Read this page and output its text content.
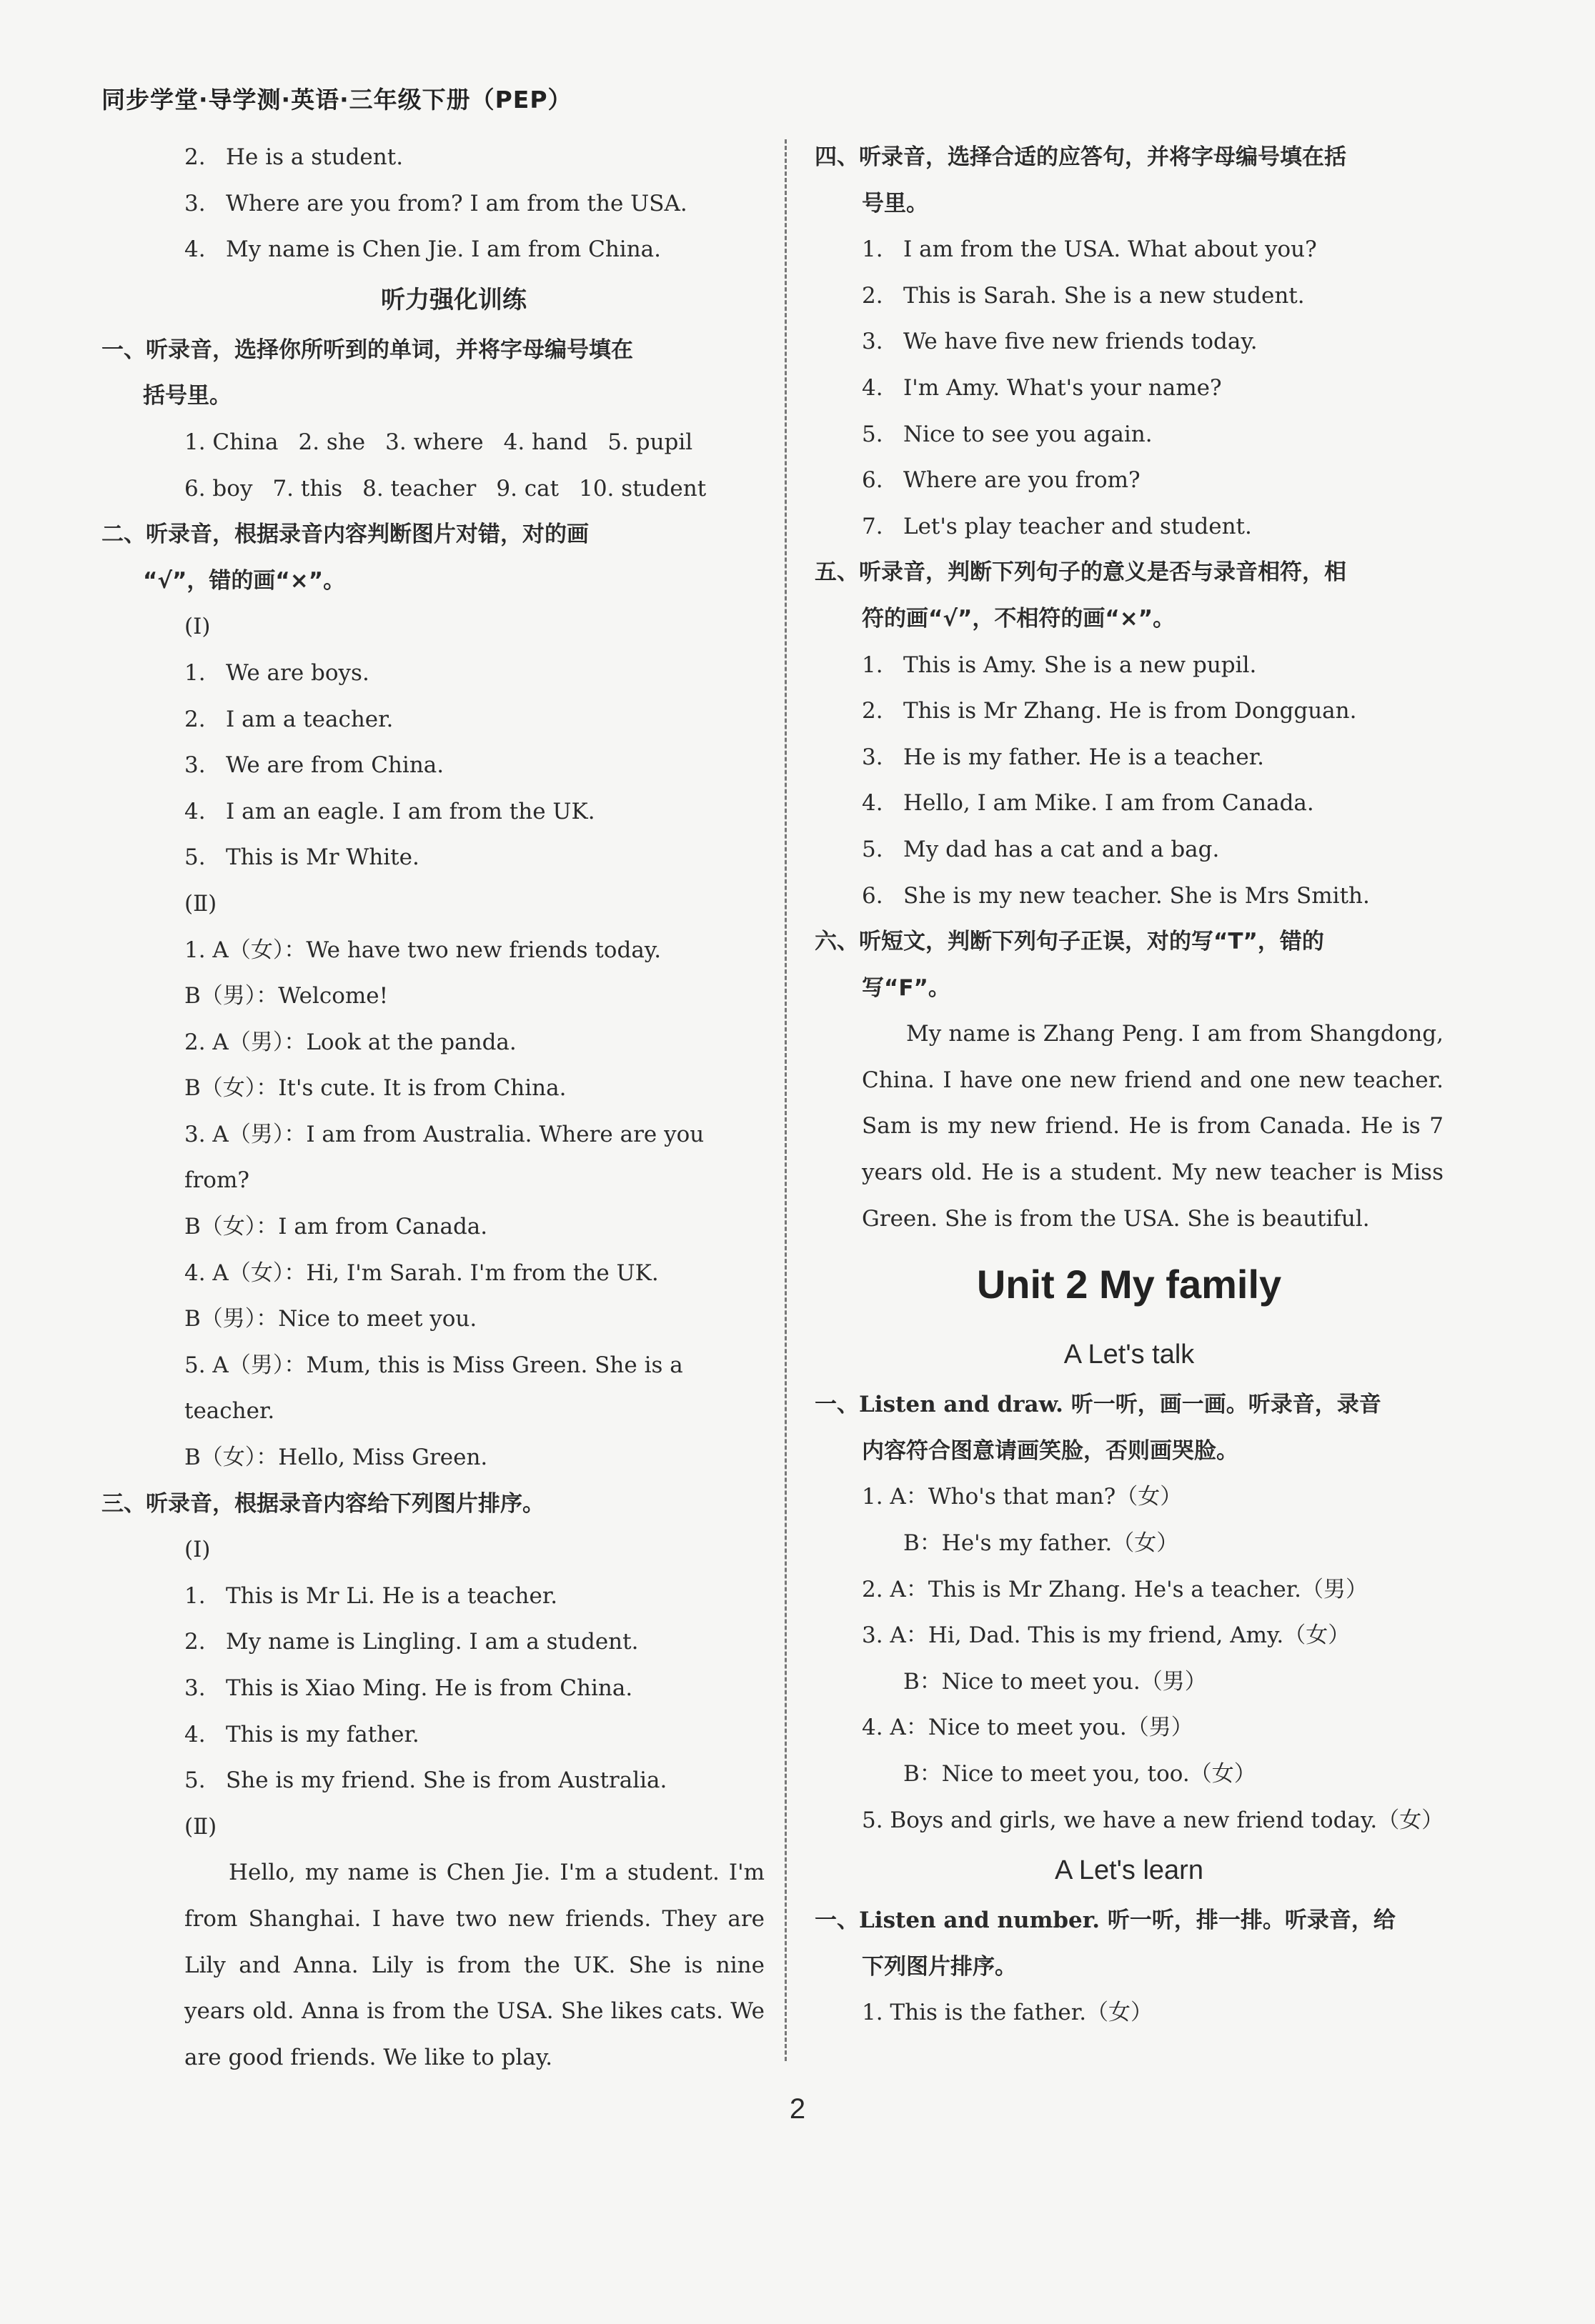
同步学堂·导学测·英语·三年级下册（PEP）
2. He is a student.
3. Where are you from? I am from the USA.
4. My name is Chen Jie. I am from China.
听力强化训练
一、听录音，选择你所听到的单词，并将字母编号填在
括号里。
1. China 2. she 3. where 4. hand 5. pupil
6. boy 7. this 8. teacher 9. cat 10. student
二、听录音，根据录音内容判断图片对错，对的画
“√”，错的画“×”。
(Ⅰ)
1. We are boys.
2. I am a teacher.
3. We are from China.
4. I am an eagle. I am from the UK.
5. This is Mr White.
(Ⅱ)
1. A（女）：We have two new friends today.
B（男）：Welcome!
2. A（男）：Look at the panda.
B（女）：It's cute. It is from China.
3. A（男）：I am from Australia. Where are you
from?
B（女）：I am from Canada.
4. A（女）：Hi, I'm Sarah. I'm from the UK.
B（男）：Nice to meet you.
5. A（男）：Mum, this is Miss Green. She is a
teacher.
B（女）：Hello, Miss Green.
三、听录音，根据录音内容给下列图片排序。
(Ⅰ)
1. This is Mr Li. He is a teacher.
2. My name is Lingling. I am a student.
3. This is Xiao Ming. He is from China.
4. This is my father.
5. She is my friend. She is from Australia.
(Ⅱ)
Hello, my name is Chen Jie. I'm a student. I'm from Shanghai. I have two new friends. They are Lily and Anna. Lily is from the UK. She is nine years old. Anna is from the USA. She likes cats. We are good friends. We like to play.
四、听录音，选择合适的应答句，并将字母编号填在括
号里。
1. I am from the USA. What about you?
2. This is Sarah. She is a new student.
3. We have five new friends today.
4. I'm Amy. What's your name?
5. Nice to see you again.
6. Where are you from?
7. Let's play teacher and student.
五、听录音，判断下列句子的意义是否与录音相符，相
符的画“√”，不相符的画“×”。
1. This is Amy. She is a new pupil.
2. This is Mr Zhang. He is from Dongguan.
3. He is my father. He is a teacher.
4. Hello, I am Mike. I am from Canada.
5. My dad has a cat and a bag.
6. She is my new teacher. She is Mrs Smith.
六、听短文，判断下列句子正误，对的写“T”，错的
写“F”。
My name is Zhang Peng. I am from Shangdong, China. I have one new friend and one new teacher. Sam is my new friend. He is from Canada. He is 7 years old. He is a student. My new teacher is Miss Green. She is from the USA. She is beautiful.
Unit 2 My family
A Let's talk
一、Listen and draw. 听一听，画一画。听录音，录音
内容符合图意请画笑脸，否则画哭脸。
1. A：Who's that man?（女）
B：He's my father.（女）
2. A：This is Mr Zhang. He's a teacher.（男）
3. A：Hi, Dad. This is my friend, Amy.（女）
B：Nice to meet you.（男）
4. A：Nice to meet you.（男）
B：Nice to meet you, too.（女）
5. Boys and girls, we have a new friend today.（女）
A Let's learn
一、Listen and number. 听一听，排一排。听录音，给
下列图片排序。
1. This is the father.（女）
2
